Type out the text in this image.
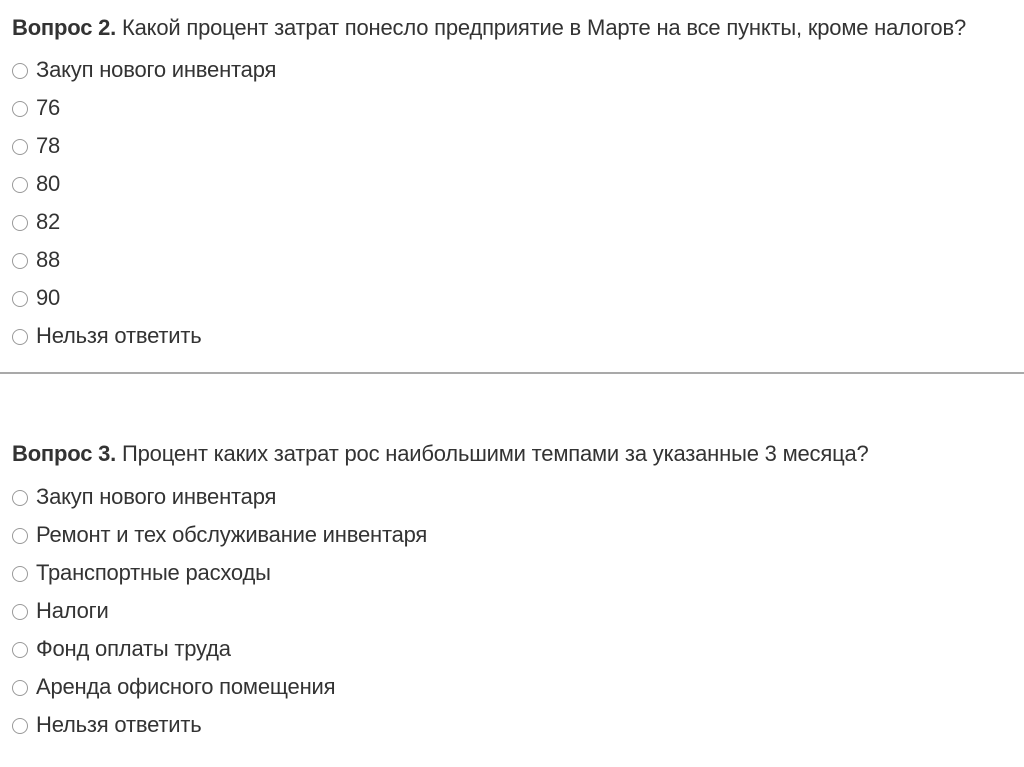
Вопрос 2. Какой процент затрат понесло предприятие в Марте на все пункты, кроме налогов?

Закуп нового инвентаря
76
78
80
82
88
90
Нельзя ответить

Вопрос 3. Процент каких затрат рос наибольшими темпами за указанные 3 месяца?

Закуп нового инвентаря
Ремонт и тех обслуживание инвентаря
Транспортные расходы
Налоги
Фонд оплаты труда
Аренда офисного помещения
Нельзя ответить
